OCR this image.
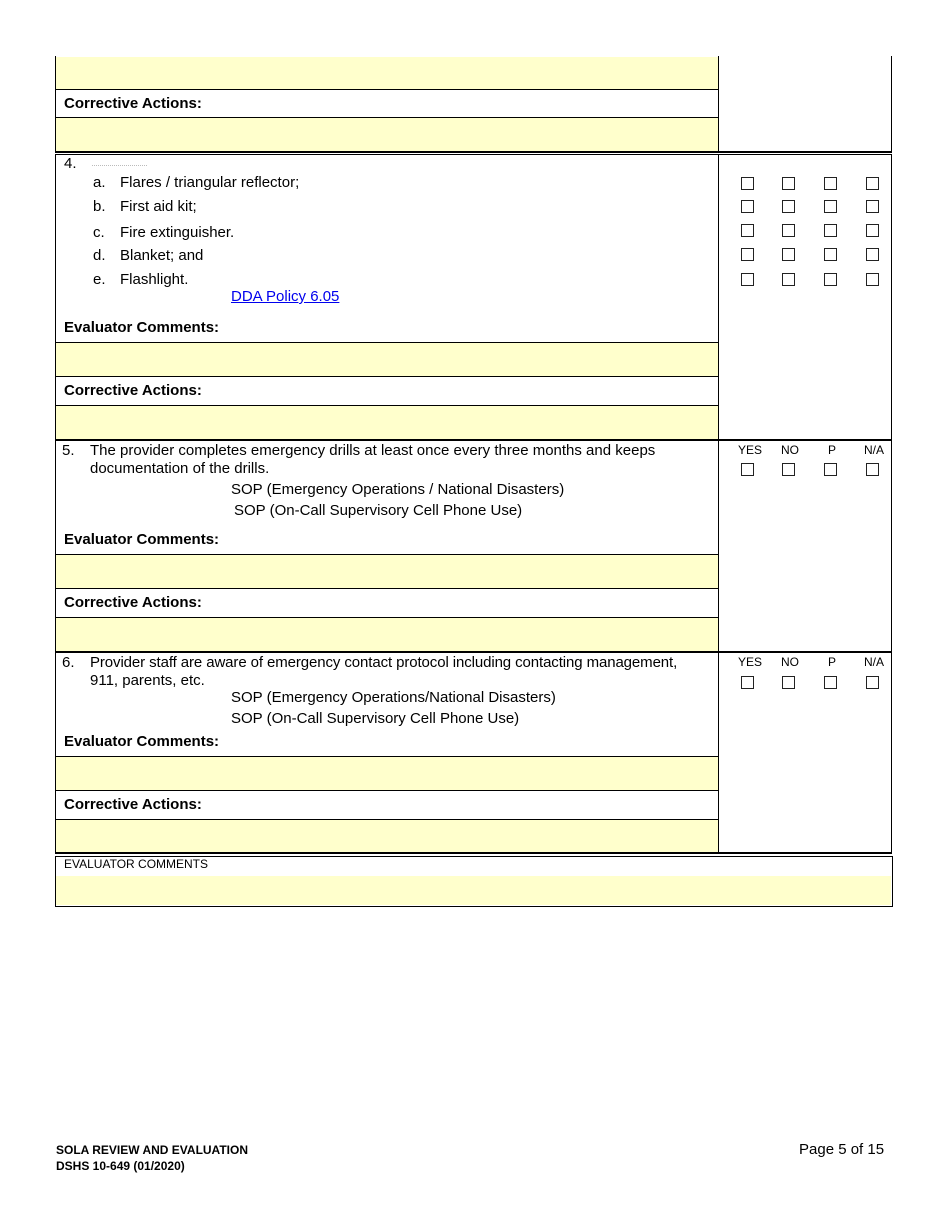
Corrective Actions:
4.
a. Flares / triangular reflector;
b. First aid kit;
c. Fire extinguisher.
d. Blanket; and
e. Flashlight.
DDA Policy 6.05
Evaluator Comments:
Corrective Actions:
5. The provider completes emergency drills at least once every three months and keeps
documentation of the drills.
SOP (Emergency Operations / National Disasters)
SOP (On-Call Supervisory Cell Phone Use)
YES	NO	P	N/A
Evaluator Comments:
Corrective Actions:
6. Provider staff are aware of emergency contact protocol including contacting management,
911, parents, etc.
SOP (Emergency Operations/National Disasters)
SOP (On-Call Supervisory Cell Phone Use)
YES	NO	P	N/A
Evaluator Comments:
Corrective Actions:
EVALUATOR COMMENTS
SOLA REVIEW AND EVALUATION
DSHS 10-649 (01/2020)
Page 5 of 15
